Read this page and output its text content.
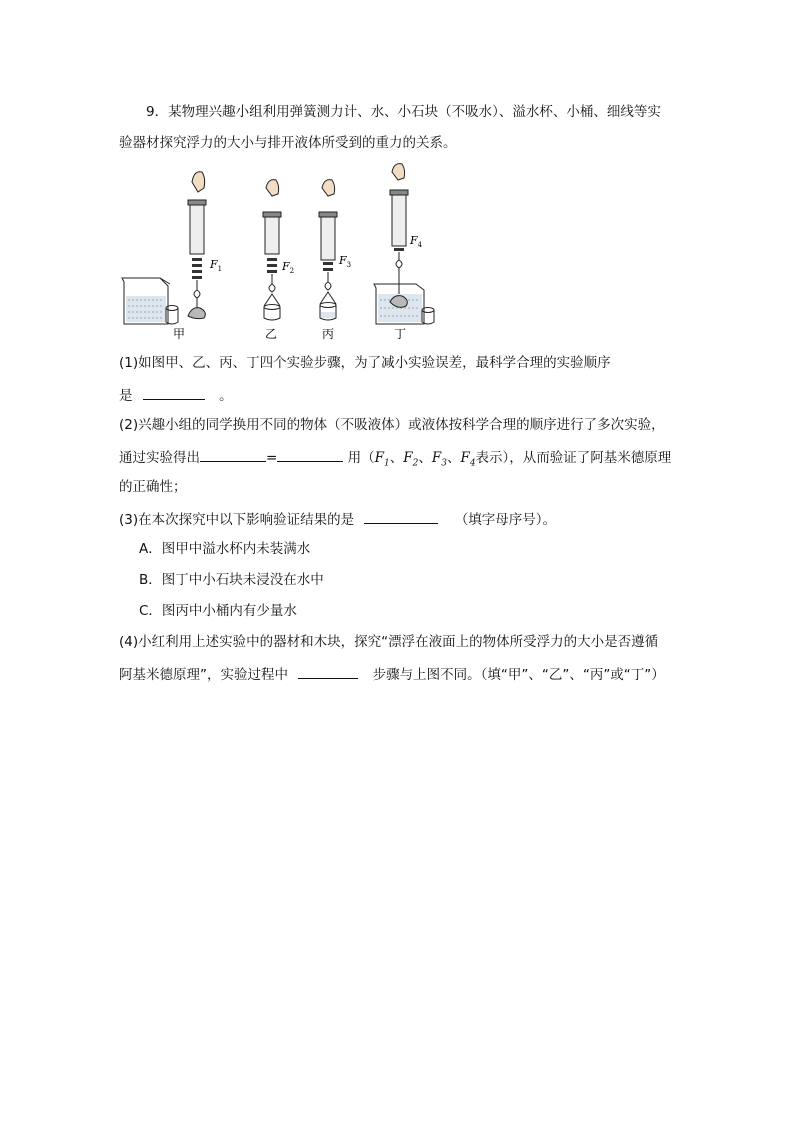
9．某物理兴趣小组利用弹簧测力计、水、小石块（不吸水）、溢水杯、小桶、细线等实
验器材探究浮力的大小与排开液体所受到的重力的关系。
$F_1$
甲
$F_2$
乙
$F_3$
丙
$F_4$
丁
(1)如图甲、乙、丙、丁四个实验步骤，为了减小实验误差，最科学合理的实验顺序
是	。
(2)兴趣小组的同学换用不同的物体（不吸液体）或液体按科学合理的顺序进行了多次实验，
通过实验得出	=	用（$F_1$、$F_2$、$F_3$、$F_4$表示），从而验证了阿基米德原理
的正确性；
(3)在本次探究中以下影响验证结果的是	（填字母序号）。
A．图甲中溢水杯内未装满水
B．图丁中小石块未浸没在水中
C．图丙中小桶内有少量水
(4)小红利用上述实验中的器材和木块，探究“漂浮在液面上的物体所受浮力的大小是否遵循
阿基米德原理”，实验过程中	步骤与上图不同。（填“甲”、“乙”、“丙”或“丁”）
